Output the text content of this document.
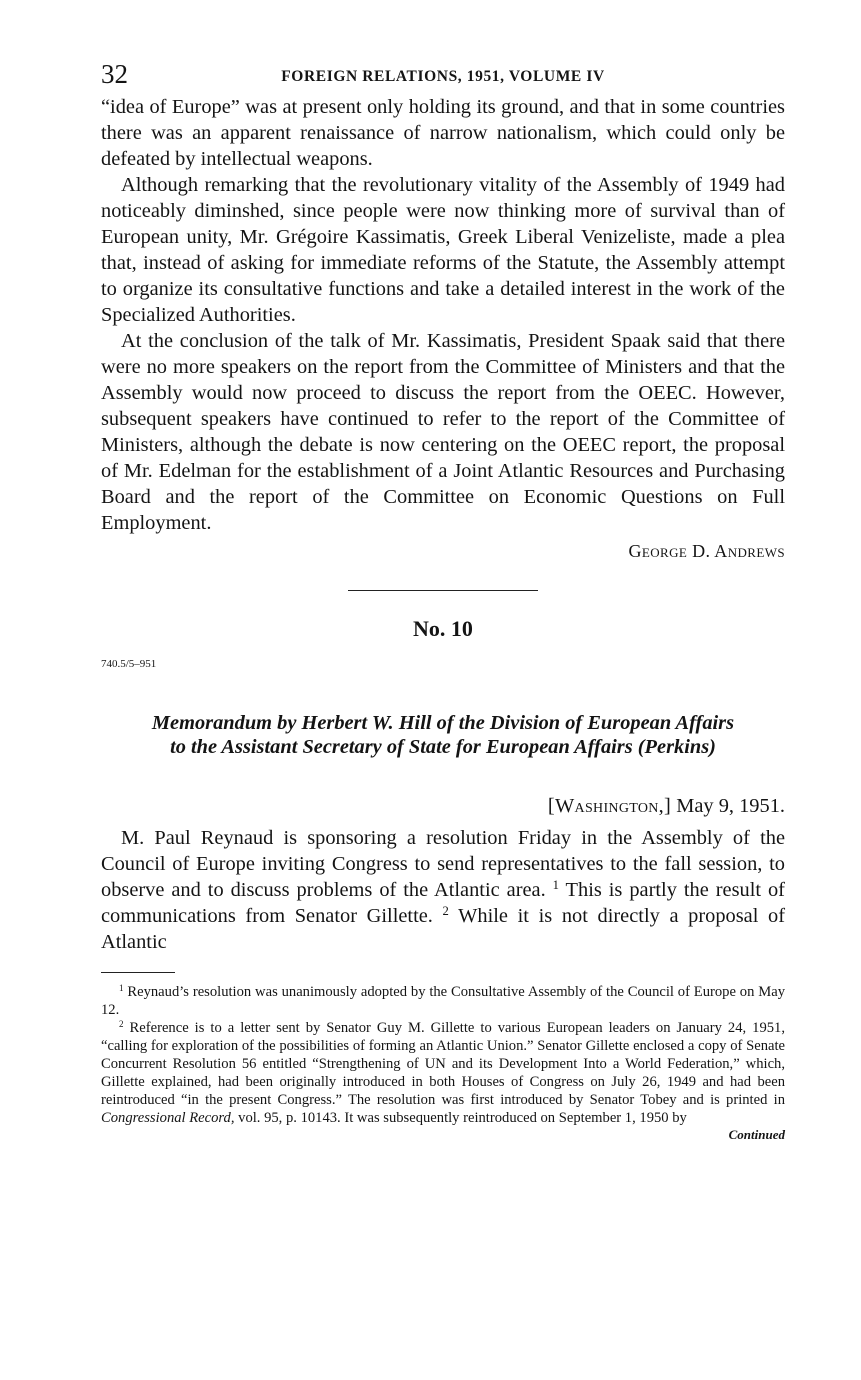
32	FOREIGN RELATIONS, 1951, VOLUME IV

“idea of Europe” was at present only holding its ground, and that in some countries there was an apparent renaissance of narrow nationalism, which could only be defeated by intellectual weapons.

Although remarking that the revolutionary vitality of the Assembly of 1949 had noticeably diminshed, since people were now thinking more of survival than of European unity, Mr. Grégoire Kassimatis, Greek Liberal Venizeliste, made a plea that, instead of asking for immediate reforms of the Statute, the Assembly attempt to organize its consultative functions and take a detailed interest in the work of the Specialized Authorities.

At the conclusion of the talk of Mr. Kassimatis, President Spaak said that there were no more speakers on the report from the Committee of Ministers and that the Assembly would now proceed to discuss the report from the OEEC. However, subsequent speakers have continued to refer to the report of the Committee of Ministers, although the debate is now centering on the OEEC report, the proposal of Mr. Edelman for the establishment of a Joint Atlantic Resources and Purchasing Board and the report of the Committee on Economic Questions on Full Employment.

George D. Andrews
No. 10
740.5/5–951
Memorandum by Herbert W. Hill of the Division of European Affairs
to the Assistant Secretary of State for European Affairs (Perkins)
[Washington,] May 9, 1951.

M. Paul Reynaud is sponsoring a resolution Friday in the Assembly of the Council of Europe inviting Congress to send representatives to the fall session, to observe and to discuss problems of the Atlantic area. $^1$ This is partly the result of communications from Senator Gillette. $^2$ While it is not directly a proposal of Atlantic

$^1$ Reynaud’s resolution was unanimously adopted by the Consultative Assembly of the Council of Europe on May 12.

$^2$ Reference is to a letter sent by Senator Guy M. Gillette to various European leaders on January 24, 1951, “calling for exploration of the possibilities of forming an Atlantic Union.” Senator Gillette enclosed a copy of Senate Concurrent Resolution 56 entitled “Strengthening of UN and its Development Into a World Federation,” which, Gillette explained, had been originally introduced in both Houses of Congress on July 26, 1949 and had been reintroduced “in the present Congress.” The resolution was first introduced by Senator Tobey and is printed in Congressional Record, vol. 95, p. 10143. It was subsequently reintroduced on September 1, 1950 by

Continued
